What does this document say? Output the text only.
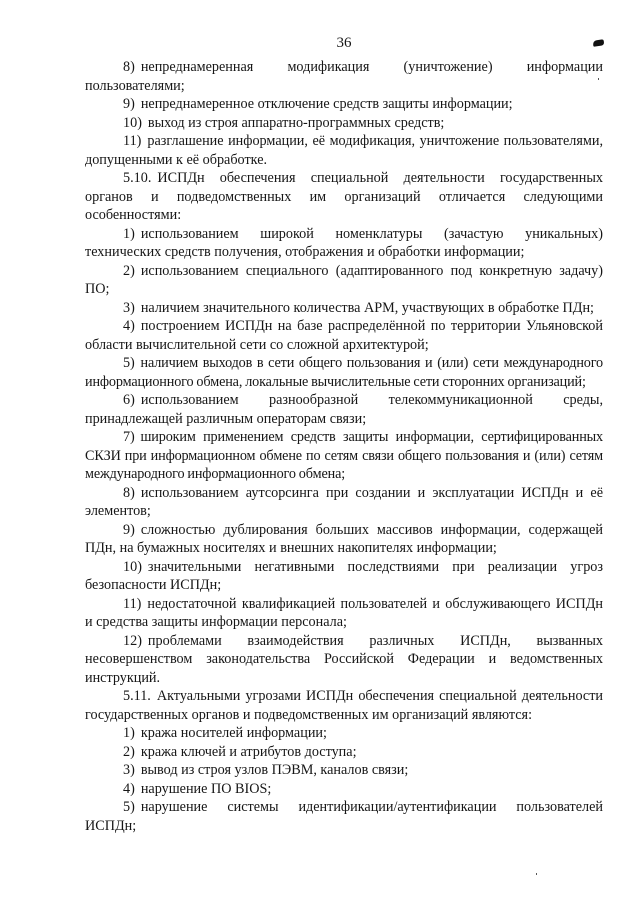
36

8) непреднамеренная модификация (уничтожение) информации пользователями;

9) непреднамеренное отключение средств защиты информации;

10) выход из строя аппаратно-программных средств;

11) разглашение информации, её модификация, уничтожение пользователями, допущенными к её обработке.

5.10. ИСПДн обеспечения специальной деятельности государственных органов и подведомственных им организаций отличается следующими особенностями:

1) использованием широкой номенклатуры (зачастую уникальных) технических средств получения, отображения и обработки информации;

2) использованием специального (адаптированного под конкретную задачу) ПО;

3) наличием значительного количества АРМ, участвующих в обработке ПДн;

4) построением ИСПДн на базе распределённой по территории Ульяновской области вычислительной сети со сложной архитектурой;

5) наличием выходов в сети общего пользования и (или) сети международного информационного обмена, локальные вычислительные сети сторонних организаций;

6) использованием разнообразной телекоммуникационной среды, принадлежащей различным операторам связи;

7) широким применением средств защиты информации, сертифицированных СКЗИ при информационном обмене по сетям связи общего пользования и (или) сетям международного информационного обмена;

8) использованием аутсорсинга при создании и эксплуатации ИСПДн и её элементов;

9) сложностью дублирования больших массивов информации, содержащей ПДн, на бумажных носителях и внешних накопителях информации;

10) значительными негативными последствиями при реализации угроз безопасности ИСПДн;

11) недостаточной квалификацией пользователей и обслуживающего ИСПДн и средства защиты информации персонала;

12) проблемами взаимодействия различных ИСПДн, вызванных несовершенством законодательства Российской Федерации и ведомственных инструкций.

5.11. Актуальными угрозами ИСПДн обеспечения специальной деятельности государственных органов и подведомственных им организаций являются:

1) кража носителей информации;

2) кража ключей и атрибутов доступа;

3) вывод из строя узлов ПЭВМ, каналов связи;

4) нарушение ПО BIOS;

5) нарушение системы идентификации/аутентификации пользователей ИСПДн;
